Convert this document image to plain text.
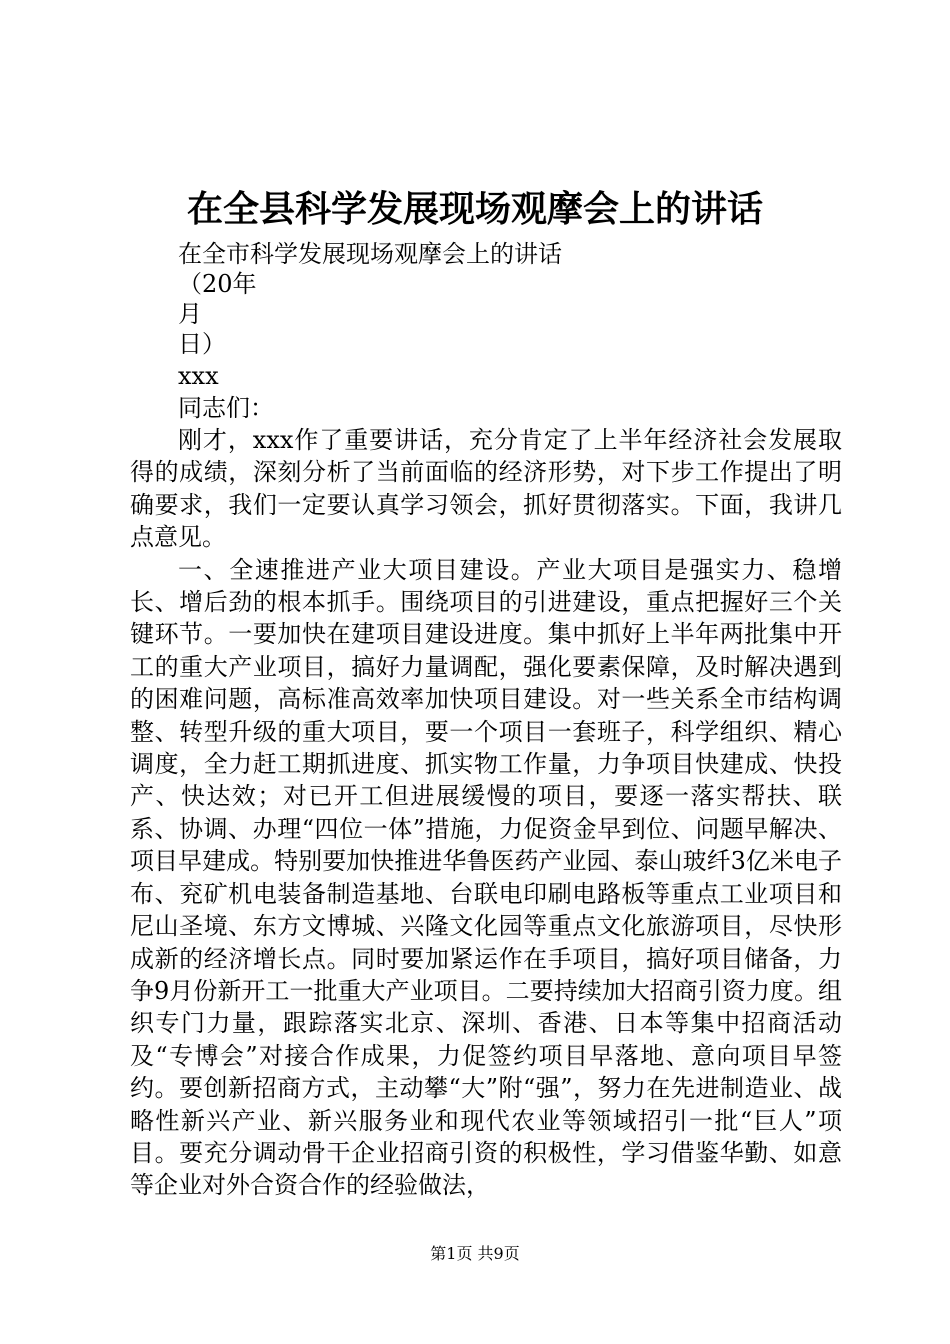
在全县科学发展现场观摩会上的讲话
在全市科学发展现场观摩会上的讲话
（20年
月
日）
xxx
同志们：

刚才，xxx作了重要讲话，充分肯定了上半年经济社会发展取得的成绩，深刻分析了当前面临的经济形势，对下步工作提出了明确要求，我们一定要认真学习领会，抓好贯彻落实。下面，我讲几点意见。

一、全速推进产业大项目建设。产业大项目是强实力、稳增长、增后劲的根本抓手。围绕项目的引进建设，重点把握好三个关键环节。一要加快在建项目建设进度。集中抓好上半年两批集中开工的重大产业项目，搞好力量调配，强化要素保障，及时解决遇到的困难问题，高标准高效率加快项目建设。对一些关系全市结构调整、转型升级的重大项目，要一个项目一套班子，科学组织、精心调度，全力赶工期抓进度、抓实物工作量，力争项目快建成、快投产、快达效；对已开工但进展缓慢的项目，要逐一落实帮扶、联系、协调、办理“四位一体”措施，力促资金早到位、问题早解决、项目早建成。特别要加快推进华鲁医药产业园、泰山玻纤3亿米电子布、兖矿机电装备制造基地、台联电印刷电路板等重点工业项目和尼山圣境、东方文博城、兴隆文化园等重点文化旅游项目，尽快形成新的经济增长点。同时要加紧运作在手项目，搞好项目储备，力争9月份新开工一批重大产业项目。二要持续加大招商引资力度。组织专门力量，跟踪落实北京、深圳、香港、日本等集中招商活动及“专博会”对接合作成果，力促签约项目早落地、意向项目早签约。要创新招商方式，主动攀“大”附“强”，努力在先进制造业、战略性新兴产业、新兴服务业和现代农业等领域招引一批“巨人”项目。要充分调动骨干企业招商引资的积极性，学习借鉴华勤、如意等企业对外合资合作的经验做法，

第1页 共9页
